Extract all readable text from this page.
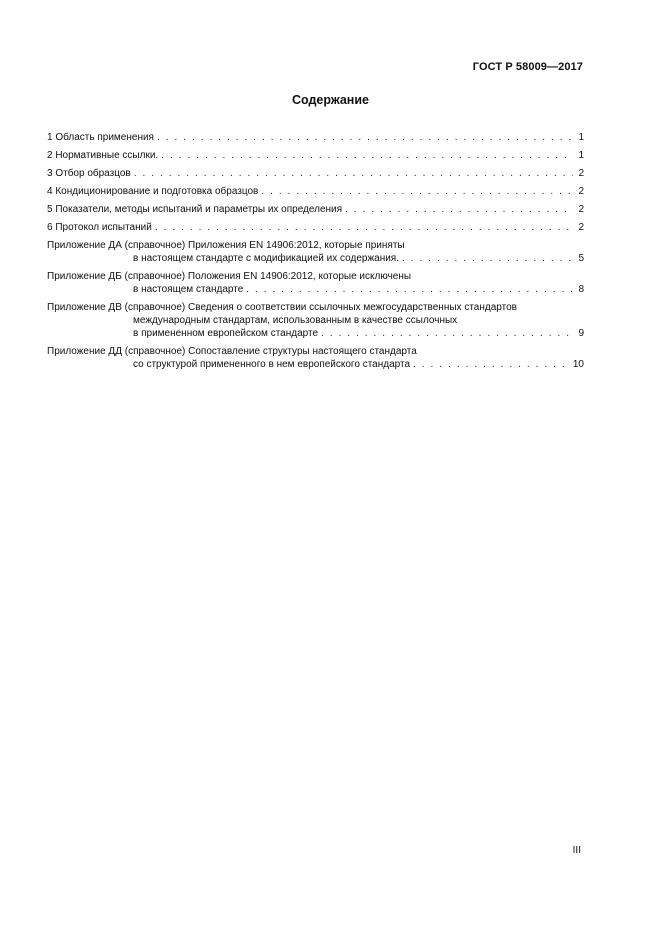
ГОСТ Р 58009—2017
Содержание
1 Область применения . . .	1
2 Нормативные ссылки. . . .	1
3 Отбор образцов . . .	2
4 Кондиционирование и подготовка образцов . . .	2
5 Показатели, методы испытаний и параметры их определения . . .	2
6 Протокол испытаний . . .	2
Приложение ДА (справочное) Приложения EN 14906:2012, которые приняты
в настоящем стандарте с модификацией их содержания. . . .	5
Приложение ДБ (справочное) Положения EN 14906:2012, которые исключены
в настоящем стандарте . . .	8
Приложение ДВ (справочное) Сведения о соответствии ссылочных межгосударственных стандартов
международным стандартам, использованным в качестве ссылочных
в примененном европейском стандарте . . .	9
Приложение ДД (справочное) Сопоставление структуры настоящего стандарта
со структурой примененного в нем европейского стандарта . . .	10
III
